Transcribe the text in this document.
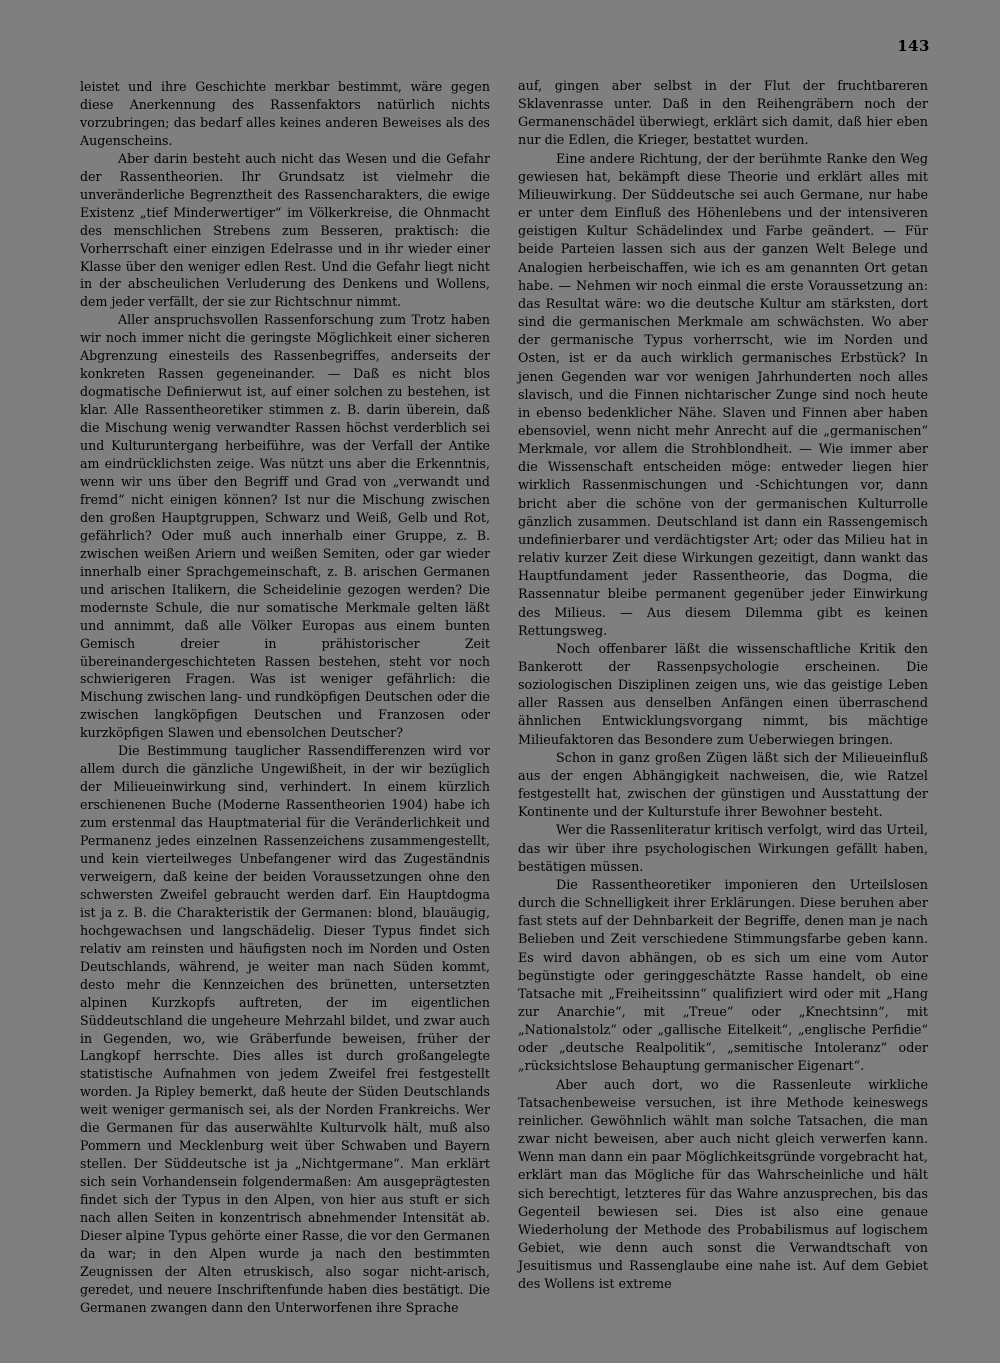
143

leistet und ihre Geschichte merkbar bestimmt, wäre gegen diese Anerkennung des Rassenfaktors natürlich nichts vorzubringen; das bedarf alles keines anderen Beweises als des Augenscheins.

Aber darin besteht auch nicht das Wesen und die Gefahr der Rassentheorien. Ihr Grundsatz ist vielmehr die unveränderliche Begrenztheit des Rassencharakters, die ewige Existenz „tief Minderwertiger“ im Völkerkreise, die Ohnmacht des menschlichen Strebens zum Besseren, praktisch: die Vorherrschaft einer einzigen Edelrasse und in ihr wieder einer Klasse über den weniger edlen Rest. Und die Gefahr liegt nicht in der abscheulichen Verluderung des Denkens und Wollens, dem jeder verfällt, der sie zur Richtschnur nimmt.

Aller anspruchsvollen Rassenforschung zum Trotz haben wir noch immer nicht die geringste Möglichkeit einer sicheren Abgrenzung einesteils des Rassenbegriffes, anderseits der konkreten Rassen gegeneinander. — Daß es nicht blos dogmatische Definierwut ist, auf einer solchen zu bestehen, ist klar. Alle Rassentheoretiker stimmen z. B. darin überein, daß die Mischung wenig verwandter Rassen höchst verderblich sei und Kulturuntergang herbeiführe, was der Verfall der Antike am eindrücklichsten zeige. Was nützt uns aber die Erkenntnis, wenn wir uns über den Begriff und Grad von „verwandt und fremd“ nicht einigen können? Ist nur die Mischung zwischen den großen Hauptgruppen, Schwarz und Weiß, Gelb und Rot, gefährlich? Oder muß auch innerhalb einer Gruppe, z. B. zwischen weißen Ariern und weißen Semiten, oder gar wieder innerhalb einer Sprachgemeinschaft, z. B. arischen Germanen und arischen Italikern, die Scheidelinie gezogen werden? Die modernste Schule, die nur somatische Merkmale gelten läßt und annimmt, daß alle Völker Europas aus einem bunten Gemisch dreier in prähistorischer Zeit übereinandergeschichteten Rassen bestehen, steht vor noch schwierigeren Fragen. Was ist weniger gefährlich: die Mischung zwischen lang- und rundköpfigen Deutschen oder die zwischen langköpfigen Deutschen und Franzosen oder kurzköpfigen Slawen und ebensolchen Deutscher?

Die Bestimmung tauglicher Rassendifferenzen wird vor allem durch die gänzliche Ungewißheit, in der wir bezüglich der Milieueinwirkung sind, verhindert. In einem kürzlich erschienenen Buche (Moderne Rassentheorien 1904) habe ich zum erstenmal das Hauptmaterial für die Veränderlichkeit und Permanenz jedes einzelnen Rassenzeichens zusammengestellt, und kein vierteilweges Unbefangener wird das Zugeständnis verweigern, daß keine der beiden Voraussetzungen ohne den schwersten Zweifel gebraucht werden darf. Ein Hauptdogma ist ja z. B. die Charakteristik der Germanen: blond, blauäugig, hochgewachsen und langschädelig. Dieser Typus findet sich relativ am reinsten und häufigsten noch im Norden und Osten Deutschlands, während, je weiter man nach Süden kommt, desto mehr die Kennzeichen des brünetten, untersetzten alpinen Kurzkopfs auftreten, der im eigentlichen Süddeutschland die ungeheure Mehrzahl bildet, und zwar auch in Gegenden, wo, wie Gräberfunde beweisen, früher der Langkopf herrschte. Dies alles ist durch großangelegte statistische Aufnahmen von jedem Zweifel frei festgestellt worden. Ja Ripley bemerkt, daß heute der Süden Deutschlands weit weniger germanisch sei, als der Norden Frankreichs. Wer die Germanen für das auserwählte Kulturvolk hält, muß also Pommern und Mecklenburg weit über Schwaben und Bayern stellen. Der Süddeutsche ist ja „Nichtgermane“. Man erklärt sich sein Vorhandensein folgendermaßen: Am ausgeprägtesten findet sich der Typus in den Alpen, von hier aus stuft er sich nach allen Seiten in konzentrisch abnehmender Intensität ab. Dieser alpine Typus gehörte einer Rasse, die vor den Germanen da war; in den Alpen wurde ja nach den bestimmten Zeugnissen der Alten etruskisch, also sogar nicht-arisch, geredet, und neuere Inschriftenfunde haben dies bestätigt. Die Germanen zwangen dann den Unterworfenen ihre Sprache

auf, gingen aber selbst in der Flut der fruchtbareren Sklavenrasse unter. Daß in den Reihengräbern noch der Germanenschädel überwiegt, erklärt sich damit, daß hier eben nur die Edlen, die Krieger, bestattet wurden.

Eine andere Richtung, der der berühmte Ranke den Weg gewiesen hat, bekämpft diese Theorie und erklärt alles mit Milieuwirkung. Der Süddeutsche sei auch Germane, nur habe er unter dem Einfluß des Höhenlebens und der intensiveren geistigen Kultur Schädelindex und Farbe geändert. — Für beide Parteien lassen sich aus der ganzen Welt Belege und Analogien herbeischaffen, wie ich es am genannten Ort getan habe. — Nehmen wir noch einmal die erste Voraussetzung an: das Resultat wäre: wo die deutsche Kultur am stärksten, dort sind die germanischen Merkmale am schwächsten. Wo aber der germanische Typus vorherrscht, wie im Norden und Osten, ist er da auch wirklich germanisches Erbstück? In jenen Gegenden war vor wenigen Jahrhunderten noch alles slavisch, und die Finnen nichtarischer Zunge sind noch heute in ebenso bedenklicher Nähe. Slaven und Finnen aber haben ebensoviel, wenn nicht mehr Anrecht auf die „germanischen“ Merkmale, vor allem die Strohblondheit. — Wie immer aber die Wissenschaft entscheiden möge: entweder liegen hier wirklich Rassenmischungen und -Schichtungen vor, dann bricht aber die schöne von der germanischen Kulturrolle gänzlich zusammen. Deutschland ist dann ein Rassengemisch undefinierbarer und verdächtigster Art; oder das Milieu hat in relativ kurzer Zeit diese Wirkungen gezeitigt, dann wankt das Hauptfundament jeder Rassentheorie, das Dogma, die Rassennatur bleibe permanent gegenüber jeder Einwirkung des Milieus. — Aus diesem Dilemma gibt es keinen Rettungsweg.

Noch offenbarer läßt die wissenschaftliche Kritik den Bankerott der Rassenpsychologie erscheinen. Die soziologischen Disziplinen zeigen uns, wie das geistige Leben aller Rassen aus denselben Anfängen einen überraschend ähnlichen Entwicklungsvorgang nimmt, bis mächtige Milieufaktoren das Besondere zum Ueberwiegen bringen.

Schon in ganz großen Zügen läßt sich der Milieueinfluß aus der engen Abhängigkeit nachweisen, die, wie Ratzel festgestellt hat, zwischen der günstigen und Ausstattung der Kontinente und der Kulturstufe ihrer Bewohner besteht.

Wer die Rassenliteratur kritisch verfolgt, wird das Urteil, das wir über ihre psychologischen Wirkungen gefällt haben, bestätigen müssen.

Die Rassentheoretiker imponieren den Urteilslosen durch die Schnelligkeit ihrer Erklärungen. Diese beruhen aber fast stets auf der Dehnbarkeit der Begriffe, denen man je nach Belieben und Zeit verschiedene Stimmungsfarbe geben kann. Es wird davon abhängen, ob es sich um eine vom Autor begünstigte oder geringgeschätzte Rasse handelt, ob eine Tatsache mit „Freiheitssinn“ qualifiziert wird oder mit „Hang zur Anarchie“, mit „Treue“ oder „Knechtsinn“, mit „Nationalstolz“ oder „gallische Eitelkeit“, „englische Perfidie“ oder „deutsche Realpolitik“, „semitische Intoleranz“ oder „rücksichtslose Behauptung germanischer Eigenart“.

Aber auch dort, wo die Rassenleute wirkliche Tatsachenbeweise versuchen, ist ihre Methode keineswegs reinlicher. Gewöhnlich wählt man solche Tatsachen, die man zwar nicht beweisen, aber auch nicht gleich verwerfen kann. Wenn man dann ein paar Möglichkeitsgründe vorgebracht hat, erklärt man das Mögliche für das Wahrscheinliche und hält sich berechtigt, letzteres für das Wahre anzusprechen, bis das Gegenteil bewiesen sei. Dies ist also eine genaue Wiederholung der Methode des Probabilismus auf logischem Gebiet, wie denn auch sonst die Verwandtschaft von Jesuitismus und Rassenglaube eine nahe ist. Auf dem Gebiet des Wollens ist extreme
